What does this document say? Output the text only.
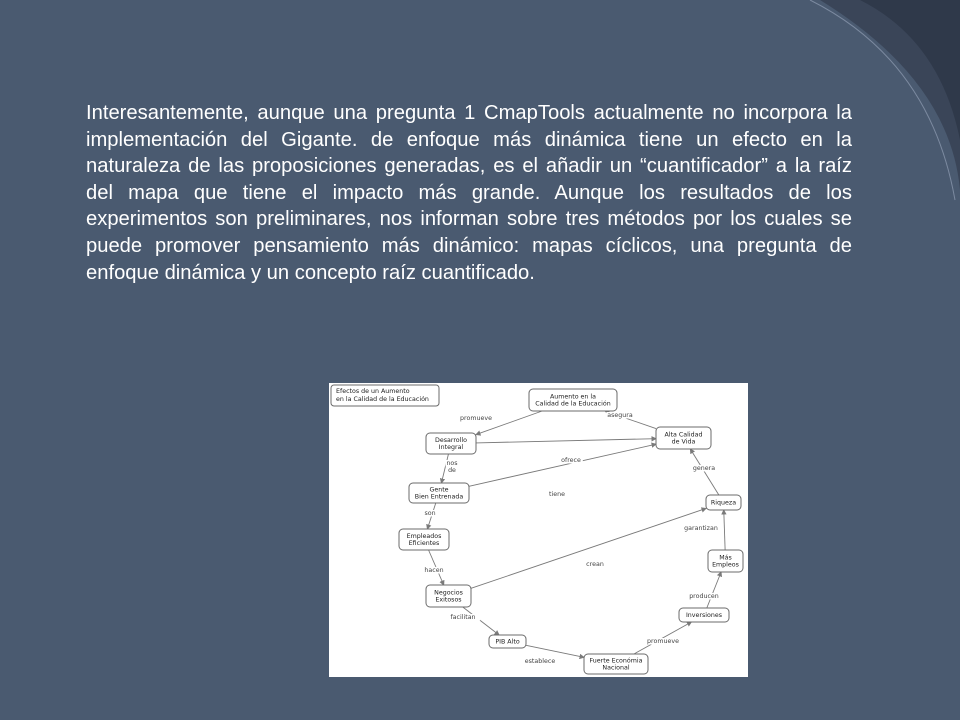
Interesantemente, aunque una pregunta 1 CmapTools actualmente no incorpora la implementación del Gigante. de enfoque más dinámica tiene un efecto en la naturaleza de las proposiciones generadas, es el añadir un “cuantificador” a la raíz del mapa que tiene el impacto más grande. Aunque los resultados de los experimentos son preliminares, nos informan sobre tres métodos por los cuales se puede promover pensamiento más dinámico: mapas cíclicos, una pregunta de enfoque dinámica y un concepto raíz cuantificado.

promueve	asegura
ofrece
nos
de
tiene
genera
son
garantizan
hacen
crean
producen
facilitan
promueve
establece
Aumento en la
Calidad de la Educación
Desarrollo
Integral
Alta Calidad
de Vida
Gente
Bien Entrenada
Riqueza
Empleados
Eficientes
Más
Empleos
Negocios
Exitosos
Inversiones
PIB Alto
Fuerte Económia
Nacional
Efectos de un Aumento
en la Calidad de la Educación
